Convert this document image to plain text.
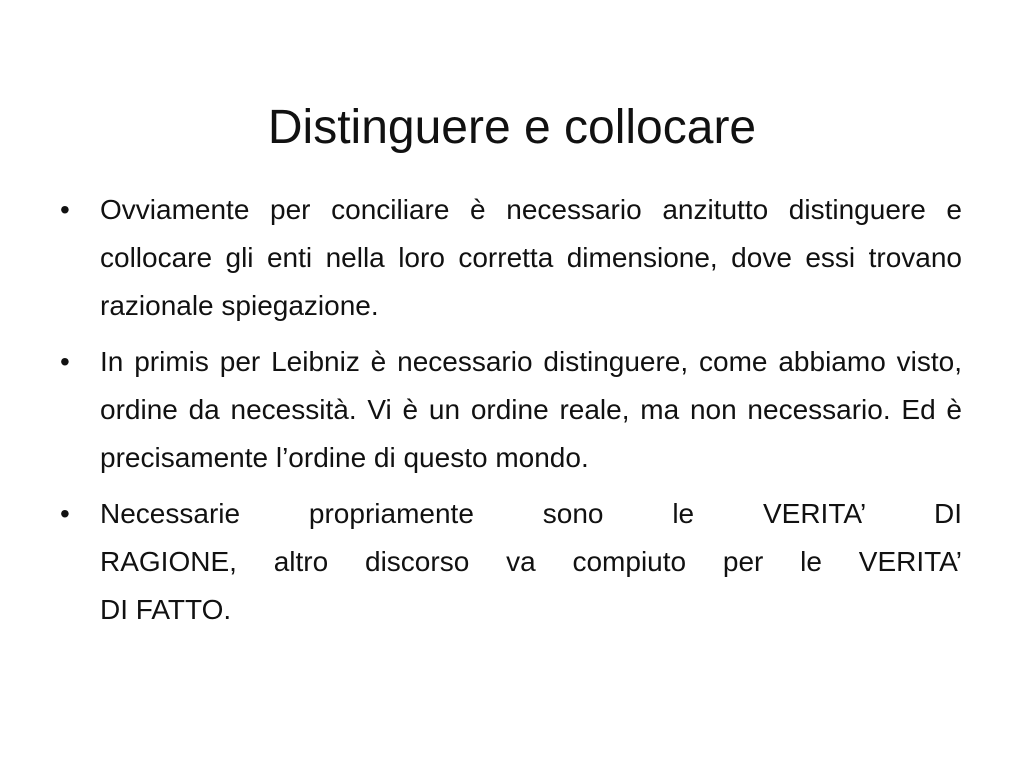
Distinguere e collocare
• Ovviamente per conciliare è necessario anzitutto distinguere e collocare gli enti nella loro corretta dimensione, dove essi trovano razionale spiegazione.
• In primis per Leibniz è necessario distinguere, come abbiamo visto, ordine da necessità. Vi è un ordine reale, ma non necessario. Ed è precisamente l’ordine di questo mondo.
• Necessarie propriamente sono le VERITA’ DI
RAGIONE, altro discorso va compiuto per le VERITA’
DI FATTO.
